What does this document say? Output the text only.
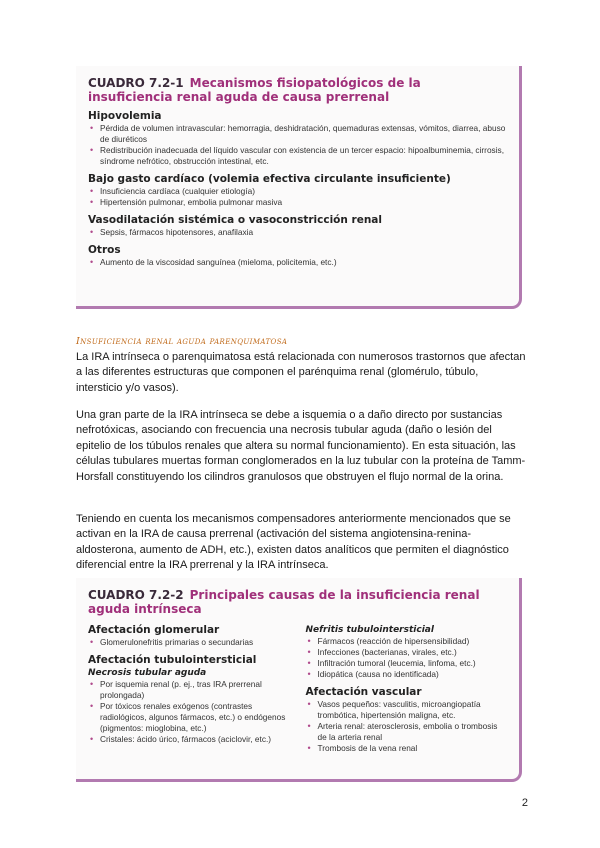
CUADRO 7.2-1 Mecanismos fisiopatológicos de la insuficiencia renal aguda de causa prerrenal
Hipovolemia
• Pérdida de volumen intravascular: hemorragia, deshidratación, quemaduras extensas, vómitos, diarrea, abuso de diuréticos
• Redistribución inadecuada del líquido vascular con existencia de un tercer espacio: hipoalbuminemia, cirrosis, síndrome nefrótico, obstrucción intestinal, etc.
Bajo gasto cardíaco (volemia efectiva circulante insuficiente)
• Insuficiencia cardíaca (cualquier etiología)
• Hipertensión pulmonar, embolia pulmonar masiva
Vasodilatación sistémica o vasoconstricción renal
• Sepsis, fármacos hipotensores, anafilaxia
Otros
• Aumento de la viscosidad sanguínea (mieloma, policitemia, etc.)
Insuficiencia renal aguda parenquimatosa

La IRA intrínseca o parenquimatosa está relacionada con numerosos trastornos que afectan a las diferentes estructuras que componen el parénquima renal (glomérulo, túbulo, intersticio y/o vasos).

Una gran parte de la IRA intrínseca se debe a isquemia o a daño directo por sustancias nefrotóxicas, asociando con frecuencia una necrosis tubular aguda (daño o lesión del epitelio de los túbulos renales que altera su normal funcionamiento). En esta situación, las células tubulares muertas forman conglomerados en la luz tubular con la proteína de Tamm-Horsfall constituyendo los cilindros granulosos que obstruyen el flujo normal de la orina.

Teniendo en cuenta los mecanismos compensadores anteriormente mencionados que se activan en la IRA de causa prerrenal (activación del sistema angiotensina-renina-aldosterona, aumento de ADH, etc.), existen datos analíticos que permiten el diagnóstico diferencial entre la IRA prerrenal y la IRA intrínseca.

CUADRO 7.2-2 Principales causas de la insuficiencia renal aguda intrínseca
Afectación glomerular
• Glomerulonefritis primarias o secundarias
Afectación tubulointersticial
Necrosis tubular aguda
• Por isquemia renal (p. ej., tras IRA prerrenal prolongada)
• Por tóxicos renales exógenos (contrastes radiológicos, algunos fármacos, etc.) o endógenos (pigmentos: mioglobina, etc.)
• Cristales: ácido úrico, fármacos (aciclovir, etc.)
Nefritis tubulointersticial
• Fármacos (reacción de hipersensibilidad)
• Infecciones (bacterianas, virales, etc.)
• Infiltración tumoral (leucemia, linfoma, etc.)
• Idiopática (causa no identificada)
Afectación vascular
• Vasos pequeños: vasculitis, microangiopatía trombótica, hipertensión maligna, etc.
• Arteria renal: aterosclerosis, embolia o trombosis de la arteria renal
• Trombosis de la vena renal
2
